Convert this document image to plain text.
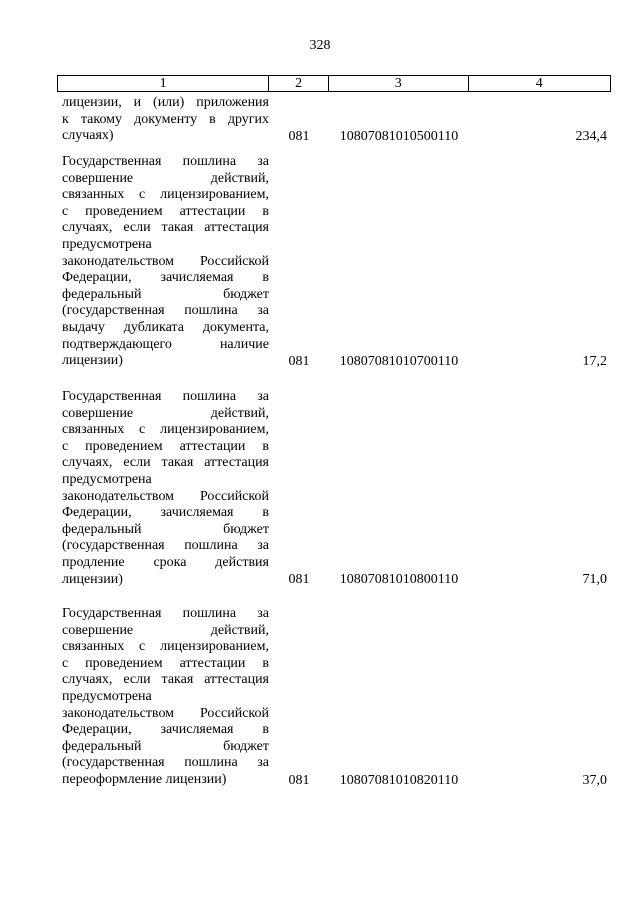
328
1	2	3	4
лицензии, и (или) приложения
к такому документу в других
случаях)	081	10807081010500110	234,4
Государственная пошлина за
совершение действий,
связанных с лицензированием,
с проведением аттестации в
случаях, если такая аттестация
предусмотрена
законодательством Российской
Федерации, зачисляемая в
федеральный бюджет
(государственная пошлина за
выдачу дубликата документа,
подтверждающего наличие
лицензии)	081	10807081010700110	17,2
Государственная пошлина за
совершение действий,
связанных с лицензированием,
с проведением аттестации в
случаях, если такая аттестация
предусмотрена
законодательством Российской
Федерации, зачисляемая в
федеральный бюджет
(государственная пошлина за
продление срока действия
лицензии)	081	10807081010800110	71,0
Государственная пошлина за
совершение действий,
связанных с лицензированием,
с проведением аттестации в
случаях, если такая аттестация
предусмотрена
законодательством Российской
Федерации, зачисляемая в
федеральный бюджет
(государственная пошлина за
переоформление лицензии)	081	10807081010820110	37,0
